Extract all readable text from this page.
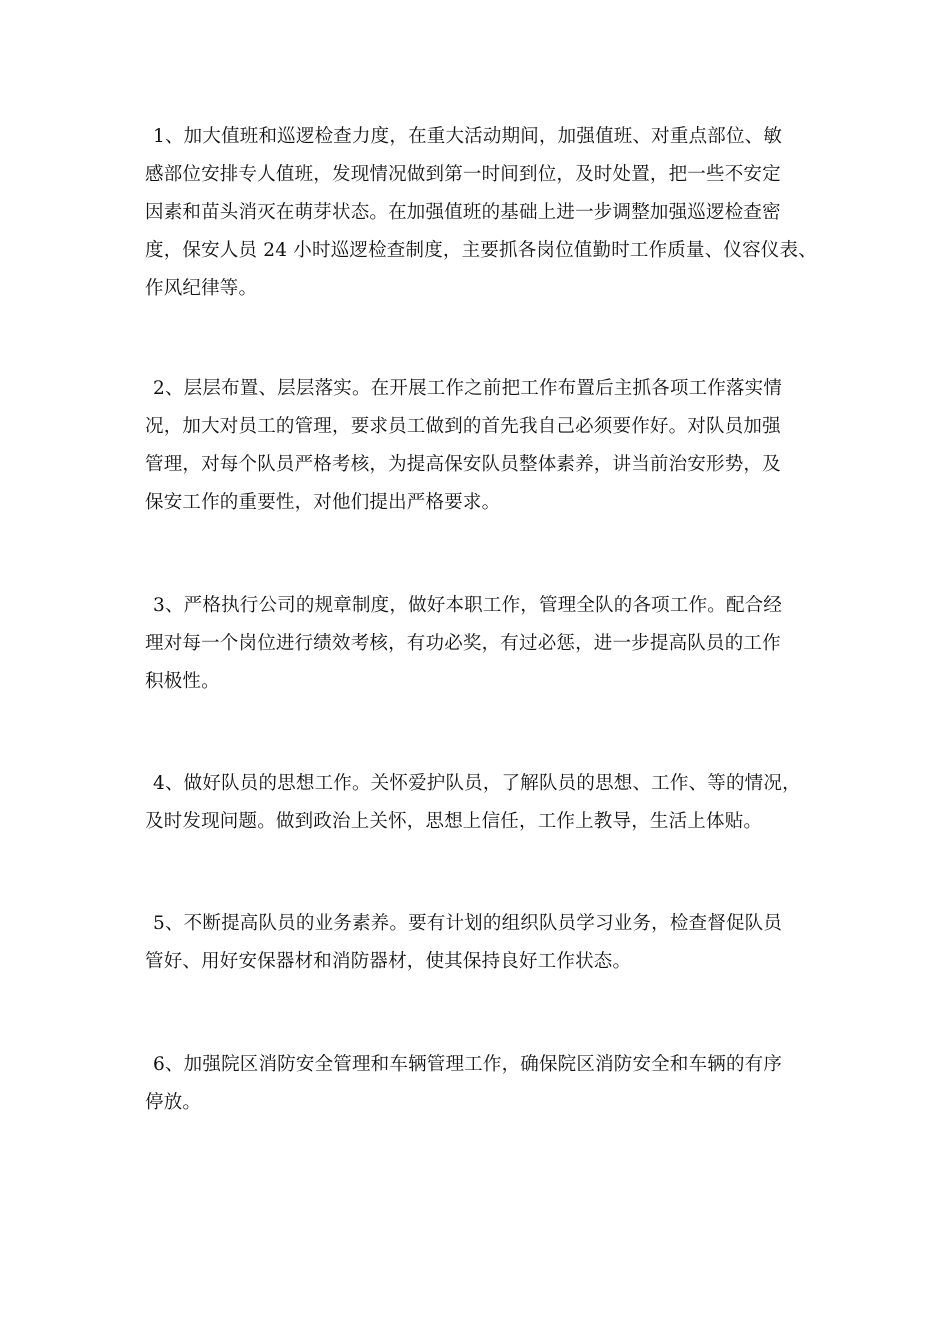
1、加大值班和巡逻检查力度，在重大活动期间，加强值班、对重点部位、敏
感部位安排专人值班，发现情况做到第一时间到位，及时处置，把一些不安定
因素和苗头消灭在萌芽状态。在加强值班的基础上进一步调整加强巡逻检查密
度，保安人员 24 小时巡逻检查制度，主要抓各岗位值勤时工作质量、仪容仪表、
作风纪律等。

2、层层布置、层层落实。在开展工作之前把工作布置后主抓各项工作落实情
况，加大对员工的管理，要求员工做到的首先我自己必须要作好。对队员加强
管理，对每个队员严格考核，为提高保安队员整体素养，讲当前治安形势，及
保安工作的重要性，对他们提出严格要求。

3、严格执行公司的规章制度，做好本职工作，管理全队的各项工作。配合经
理对每一个岗位进行绩效考核，有功必奖，有过必惩，进一步提高队员的工作
积极性。

4、做好队员的思想工作。关怀爱护队员，了解队员的思想、工作、等的情况，
及时发现问题。做到政治上关怀，思想上信任，工作上教导，生活上体贴。

5、不断提高队员的业务素养。要有计划的组织队员学习业务，检查督促队员
管好、用好安保器材和消防器材，使其保持良好工作状态。

6、加强院区消防安全管理和车辆管理工作，确保院区消防安全和车辆的有序
停放。
